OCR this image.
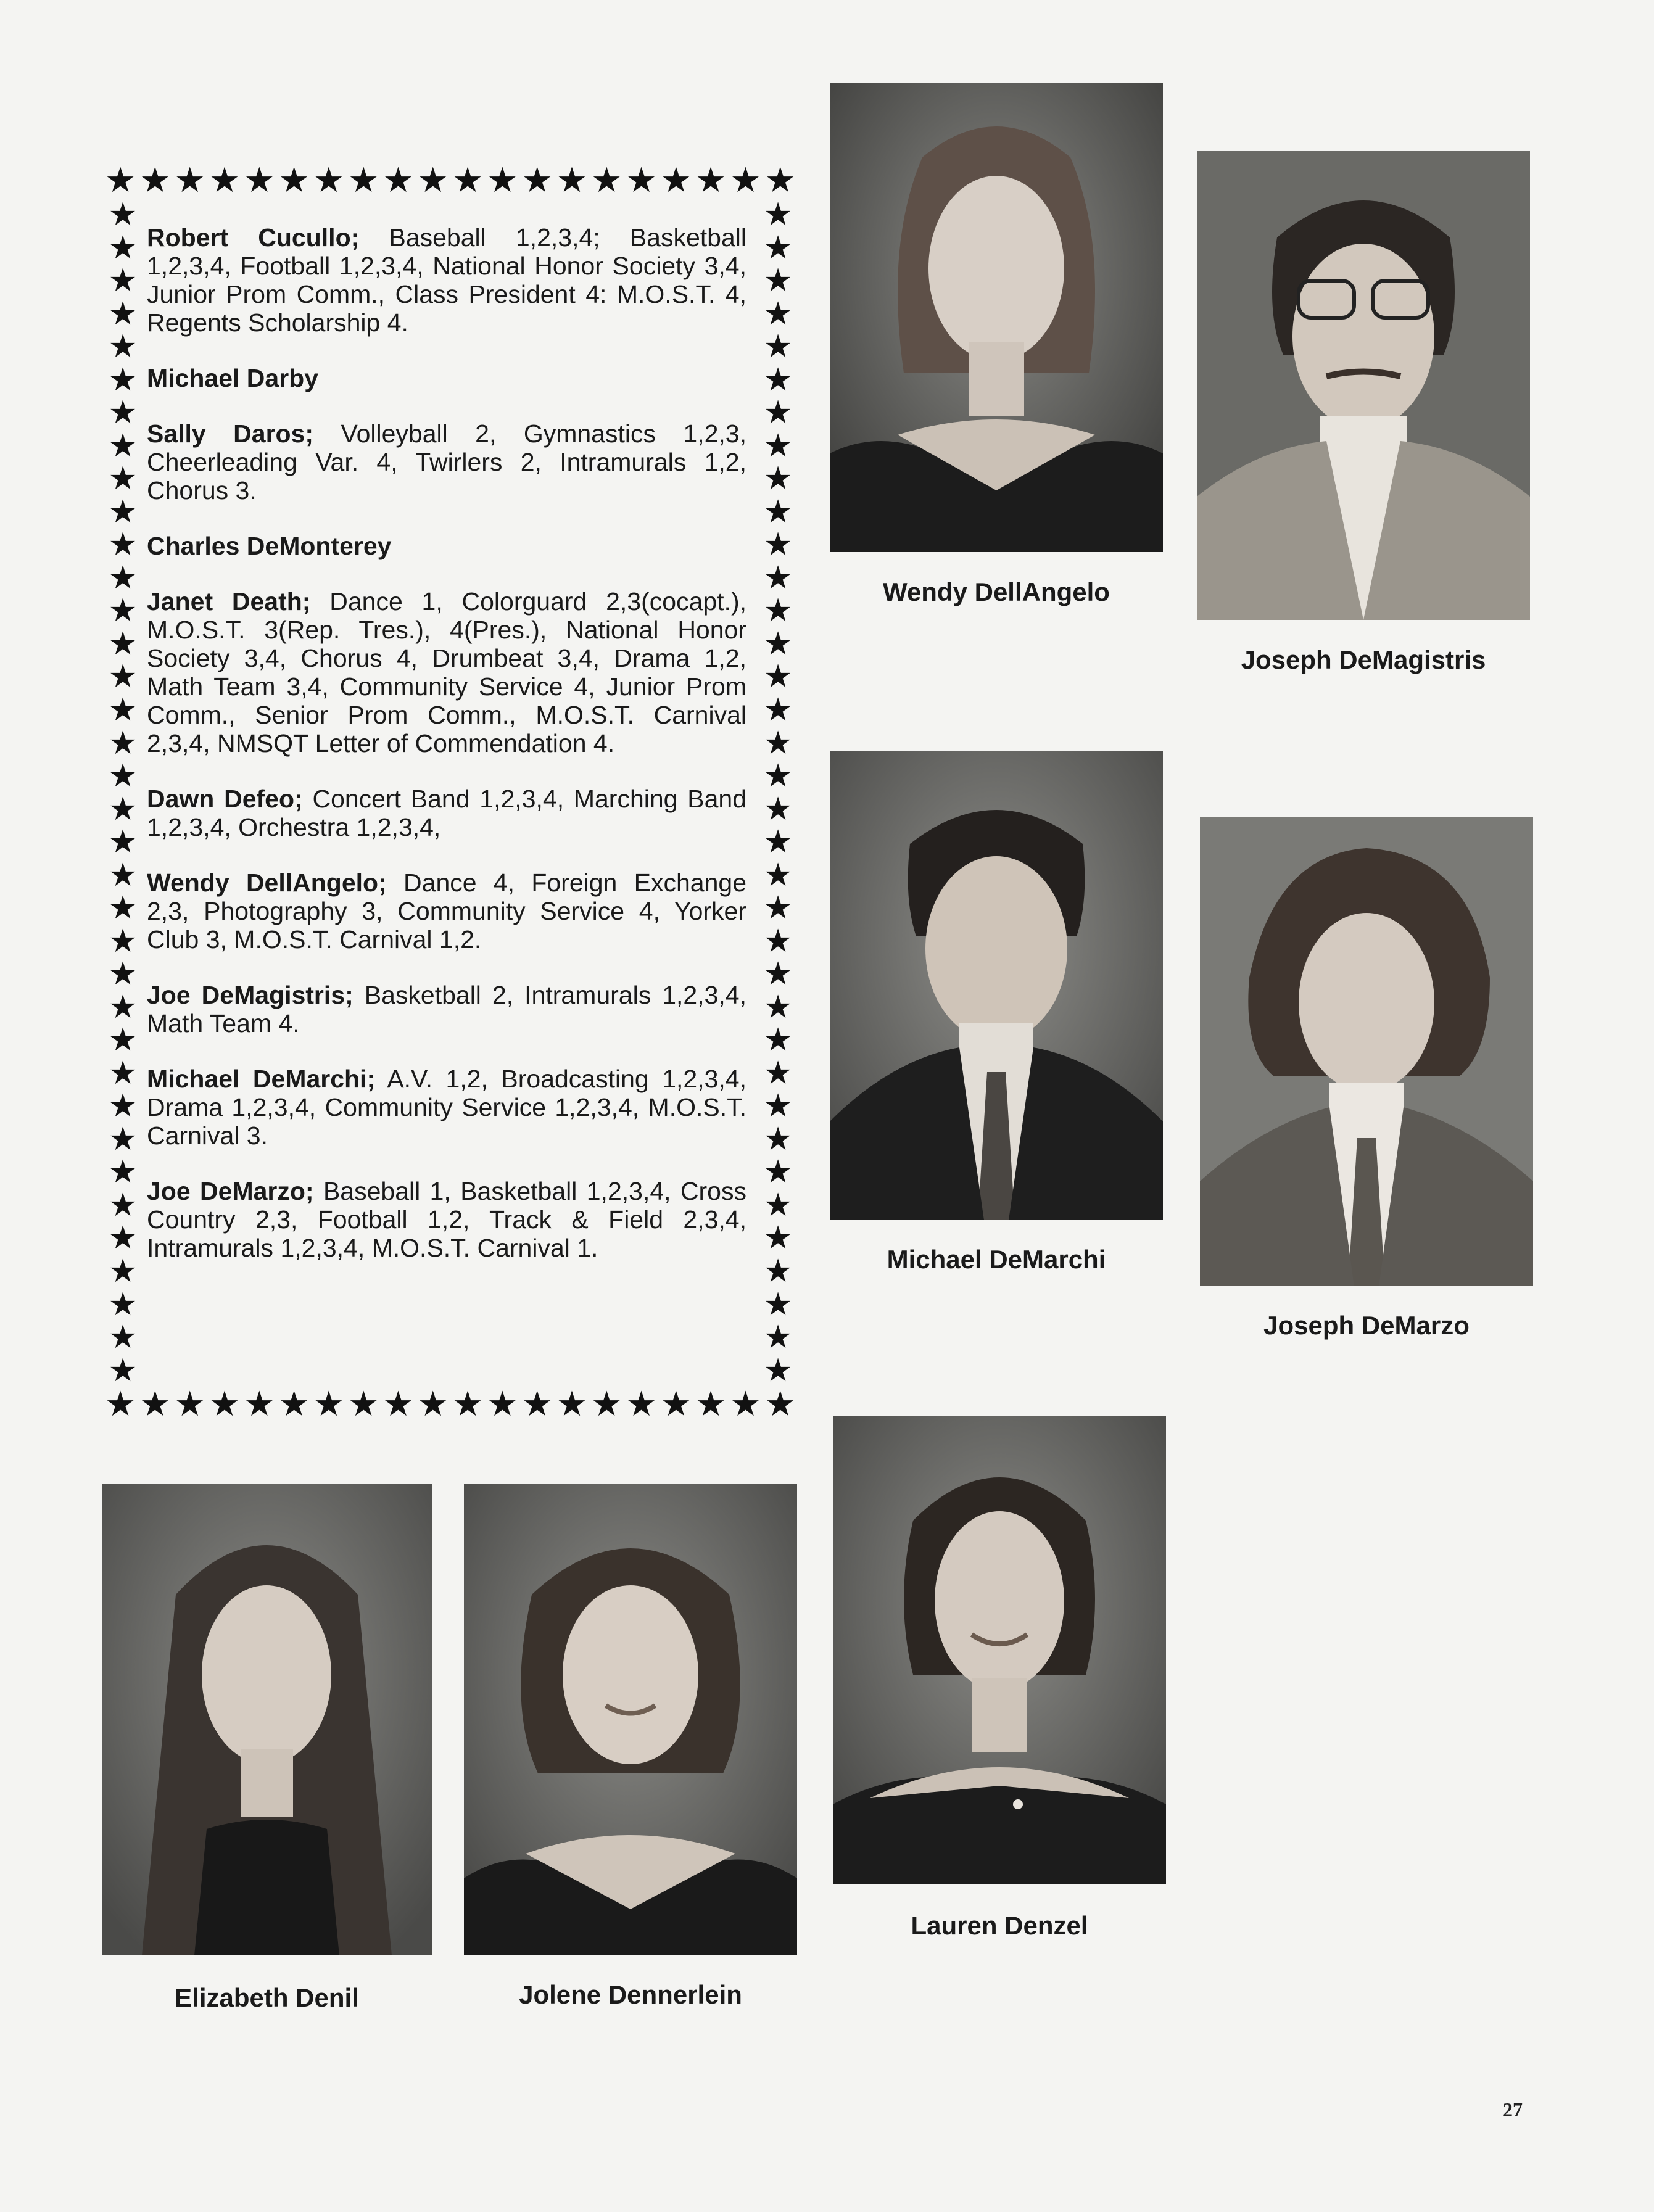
★ ★ ★ ★ ★ ★ ★ ★ ★ ★ ★ ★ ★ ★ ★ ★ ★ ★ ★ ★
★ ★ ★ ★ ★ ★ ★ ★ ★ ★ ★ ★ ★ ★ ★ ★ ★ ★ ★ ★
★
★
★
★
★
★
★
★
★
★
★
★
★
★
★
★
★
★
★
★
★
★
★
★
★
★
★
★
★
★
★
★
★
★
★
★
★
★
★
★
★
★
★
★
★
★
★
★
★
★
★
★
★
★
★
★
★
★
★
★
★
★
★
★
★
★
★
★
★
★
★
★

Robert Cucullo; Baseball 1,2,3,4; Basketball 1,2,3,4, Football 1,2,3,4, National Honor Society 3,4, Junior Prom Comm., Class President 4: M.O.S.T. 4, Regents Scholarship 4.

Michael Darby

Sally Daros; Volleyball 2, Gymnastics 1,2,3, Cheerleading Var. 4, Twirlers 2, Intramurals 1,2, Chorus 3.

Charles DeMonterey

Janet Death; Dance 1, Colorguard 2,3(cocapt.), M.O.S.T. 3(Rep. Tres.), 4(Pres.), National Honor Society 3,4, Chorus 4, Drumbeat 3,4, Drama 1,2, Math Team 3,4, Community Service 4, Junior Prom Comm., Senior Prom Comm., M.O.S.T. Carnival 2,3,4, NMSQT Letter of Commendation 4.

Dawn Defeo; Concert Band 1,2,3,4, Marching Band 1,2,3,4, Orchestra 1,2,3,4,

Wendy DellAngelo; Dance 4, Foreign Exchange 2,3, Photography 3, Community Service 4, Yorker Club 3, M.O.S.T. Carnival 1,2.

Joe DeMagistris; Basketball 2, Intramurals 1,2,3,4, Math Team 4.

Michael DeMarchi; A.V. 1,2, Broadcasting 1,2,3,4, Drama 1,2,3,4, Community Service 1,2,3,4, M.O.S.T. Carnival 3.

Joe DeMarzo; Baseball 1, Basketball 1,2,3,4, Cross Country 2,3, Football 1,2, Track & Field 2,3,4, Intramurals 1,2,3,4, M.O.S.T. Carnival 1.

Wendy DellAngelo
Joseph DeMagistris
Michael DeMarchi
Joseph DeMarzo
Elizabeth Denil	Jolene Dennerlein
Lauren Denzel
27
